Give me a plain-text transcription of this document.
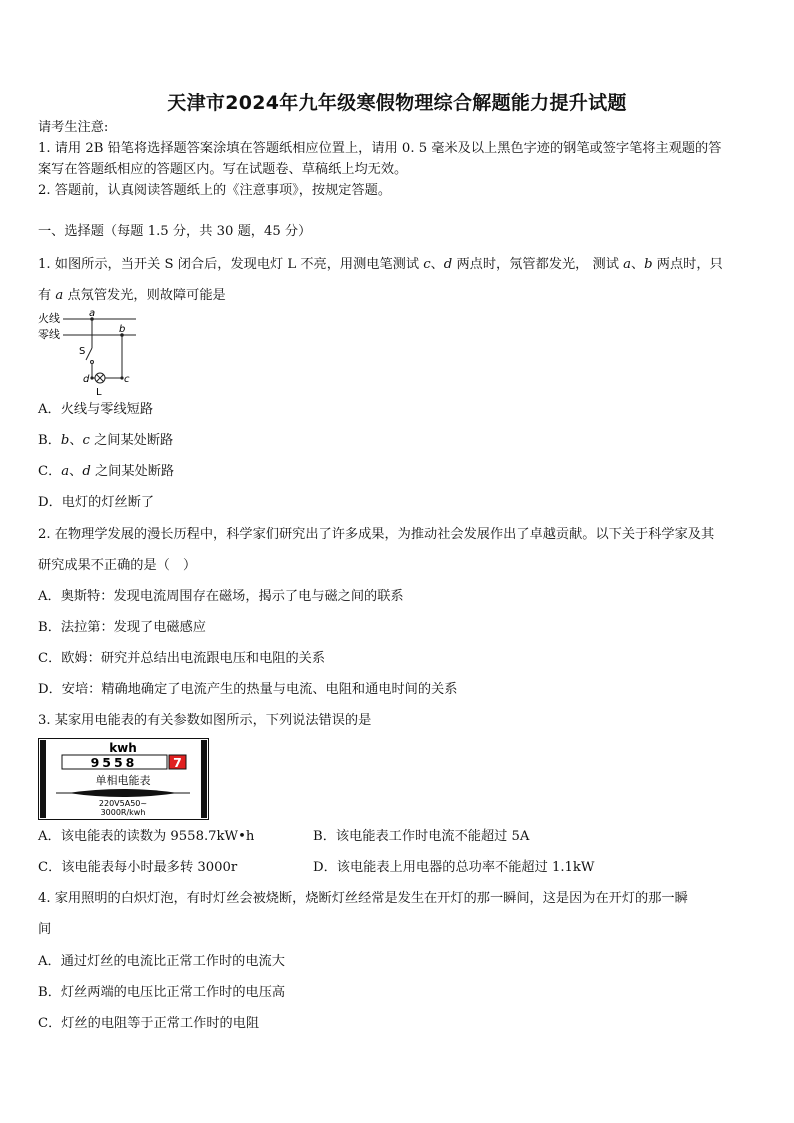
天津市2024年九年级寒假物理综合解题能力提升试题
请考生注意:
1. 请用 2B 铅笔将选择题答案涂填在答题纸相应位置上，请用 0. 5 毫米及以上黑色字迹的钢笔或签字笔将主观题的答
案写在答题纸相应的答题区内。写在试题卷、草稿纸上均无效。
2. 答题前，认真阅读答题纸上的《注意事项》，按规定答题。
一、选择题（每题 1.5 分，共 30 题，45 分）
1. 如图所示，当开关 S 闭合后，发现电灯 L 不亮，用测电笔测试 c、d 两点时，氖管都发光， 测试 a、b 两点时，只
有 a 点氖管发光，则故障可能是
火线
零线
a
b
S
d	c
L
A．火线与零线短路
B．b、c 之间某处断路
C．a、d 之间某处断路
D．电灯的灯丝断了
2. 在物理学发展的漫长历程中，科学家们研究出了许多成果，为推动社会发展作出了卓越贡献。以下关于科学家及其
研究成果不正确的是（　）
A．奥斯特：发现电流周围存在磁场，揭示了电与磁之间的联系
B．法拉第：发现了电磁感应
C．欧姆：研究并总结出电流跟电压和电阻的关系
D．安培：精确地确定了电流产生的热量与电流、电阻和通电时间的关系
3. 某家用电能表的有关参数如图所示，下列说法错误的是
kwh
9558	7
单相电能表
220V5A50~
3000R/kwh
A．该电能表的读数为 9558.7kW•h	B．该电能表工作时电流不能超过 5A
C．该电能表每小时最多转 3000r	D．该电能表上用电器的总功率不能超过 1.1kW
4. 家用照明的白炽灯泡，有时灯丝会被烧断，烧断灯丝经常是发生在开灯的那一瞬间，这是因为在开灯的那一瞬
间
A．通过灯丝的电流比正常工作时的电流大
B．灯丝两端的电压比正常工作时的电压高
C．灯丝的电阻等于正常工作时的电阻
